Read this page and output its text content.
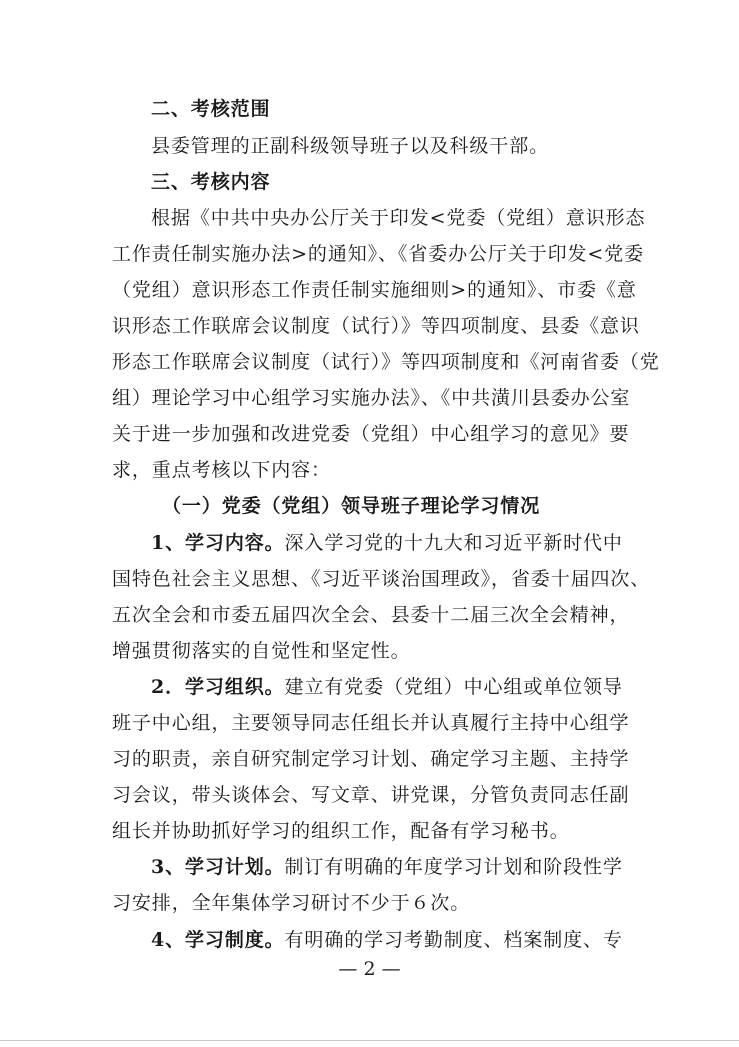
二、考核范围
县委管理的正副科级领导班子以及科级干部。
三、考核内容
根据《中共中央办公厅关于印发<党委（党组）意识形态
工作责任制实施办法>的通知》、《省委办公厅关于印发<党委
（党组）意识形态工作责任制实施细则>的通知》、市委《意
识形态工作联席会议制度（试行）》等四项制度、县委《意识
形态工作联席会议制度（试行）》等四项制度和《河南省委（党
组）理论学习中心组学习实施办法》、《中共潢川县委办公室
关于进一步加强和改进党委（党组）中心组学习的意见》要
求，重点考核以下内容：
（一）党委（党组）领导班子理论学习情况
1、学习内容。深入学习党的十九大和习近平新时代中
国特色社会主义思想、《习近平谈治国理政》，省委十届四次、
五次全会和市委五届四次全会、县委十二届三次全会精神，
增强贯彻落实的自觉性和坚定性。
2．学习组织。建立有党委（党组）中心组或单位领导
班子中心组，主要领导同志任组长并认真履行主持中心组学
习的职责，亲自研究制定学习计划、确定学习主题、主持学
习会议，带头谈体会、写文章、讲党课，分管负责同志任副
组长并协助抓好学习的组织工作，配备有学习秘书。
3、学习计划。制订有明确的年度学习计划和阶段性学
习安排，全年集体学习研讨不少于６次。
4、学习制度。有明确的学习考勤制度、档案制度、专
— 2 —
